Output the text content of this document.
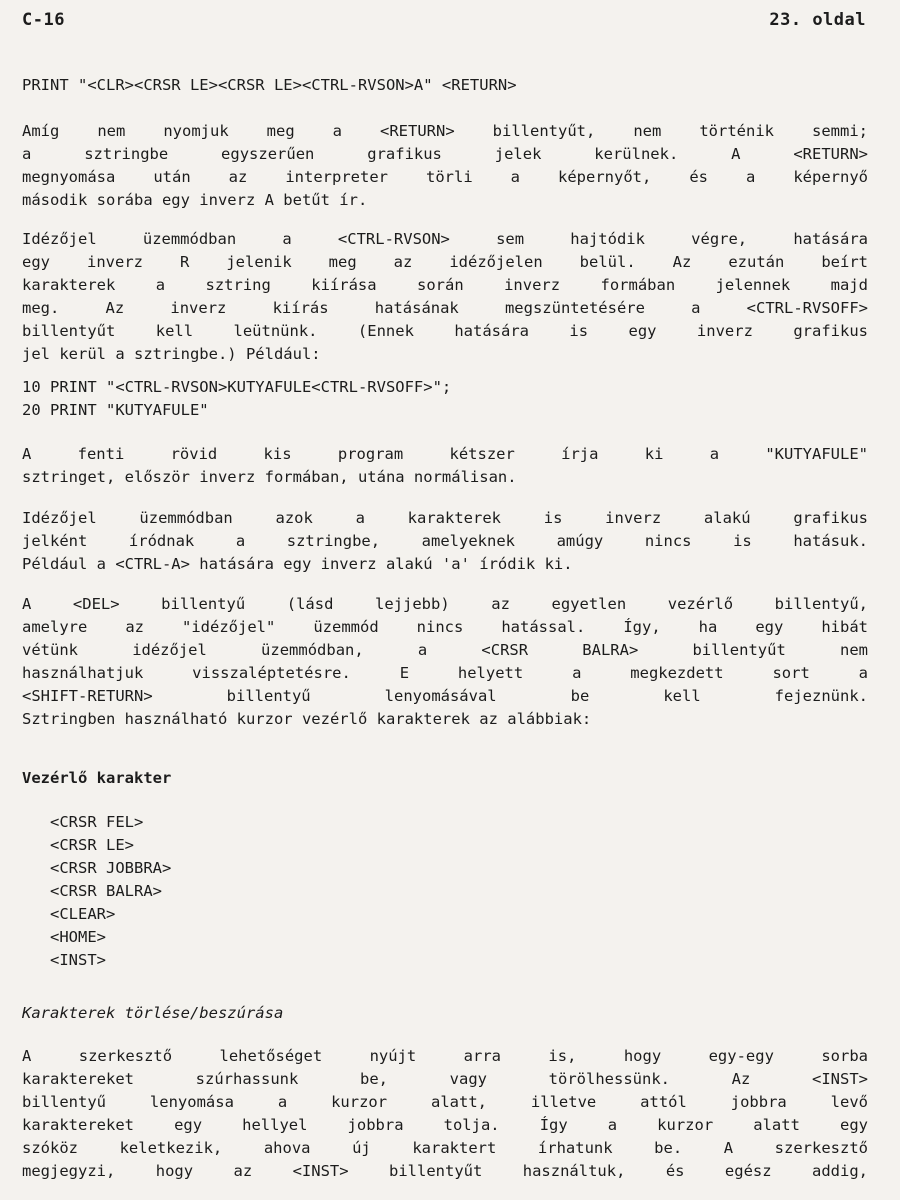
C-16	23. oldal
PRINT "<CLR><CRSR LE><CRSR LE><CTRL-RVSON>A" <RETURN>
Amíg nem nyomjuk meg a <RETURN> billentyűt, nem történik semmi;
a sztringbe egyszerűen grafikus jelek kerülnek. A <RETURN>
megnyomása után az interpreter törli a képernyőt, és a képernyő
második sorába egy inverz A betűt ír.
Idézőjel üzemmódban a <CTRL-RVSON> sem hajtódik végre, hatására
egy inverz R jelenik meg az idézőjelen belül. Az ezután beírt
karakterek a sztring kiírása során inverz formában jelennek majd
meg. Az inverz kiírás hatásának megszüntetésére a <CTRL-RVSOFF>
billentyűt kell leütnünk. (Ennek hatására is egy inverz grafikus
jel kerül a sztringbe.) Például:
10 PRINT "<CTRL-RVSON>KUTYAFULE<CTRL-RVSOFF>";
20 PRINT "KUTYAFULE"
A fenti rövid kis program kétszer írja ki a "KUTYAFULE"
sztringet, először inverz formában, utána normálisan.
Idézőjel üzemmódban azok a karakterek is inverz alakú grafikus
jelként íródnak a sztringbe, amelyeknek amúgy nincs is hatásuk.
Például a <CTRL-A> hatására egy inverz alakú 'a' íródik ki.
A <DEL> billentyű (lásd lejjebb) az egyetlen vezérlő billentyű,
amelyre az "idézőjel" üzemmód nincs hatással. Így, ha egy hibát
vétünk idézőjel üzemmódban, a <CRSR BALRA> billentyűt nem
használhatjuk visszaléptetésre. E helyett a megkezdett sort a
<SHIFT-RETURN> billentyű lenyomásával be kell fejeznünk.
Sztringben használható kurzor vezérlő karakterek az alábbiak:
Vezérlő karakter
<CRSR FEL>
<CRSR LE>
<CRSR JOBBRA>
<CRSR BALRA>
<CLEAR>
<HOME>
<INST>
Karakterek törlése/beszúrása
A szerkesztő lehetőséget nyújt arra is, hogy egy-egy sorba
karaktereket szúrhassunk be, vagy törölhessünk. Az <INST>
billentyű lenyomása a kurzor alatt, illetve attól jobbra levő
karaktereket egy hellyel jobbra tolja. Így a kurzor alatt egy
szóköz keletkezik, ahova új karaktert írhatunk be. A szerkesztő
megjegyzi, hogy az <INST> billentyűt használtuk, és egész addig,
